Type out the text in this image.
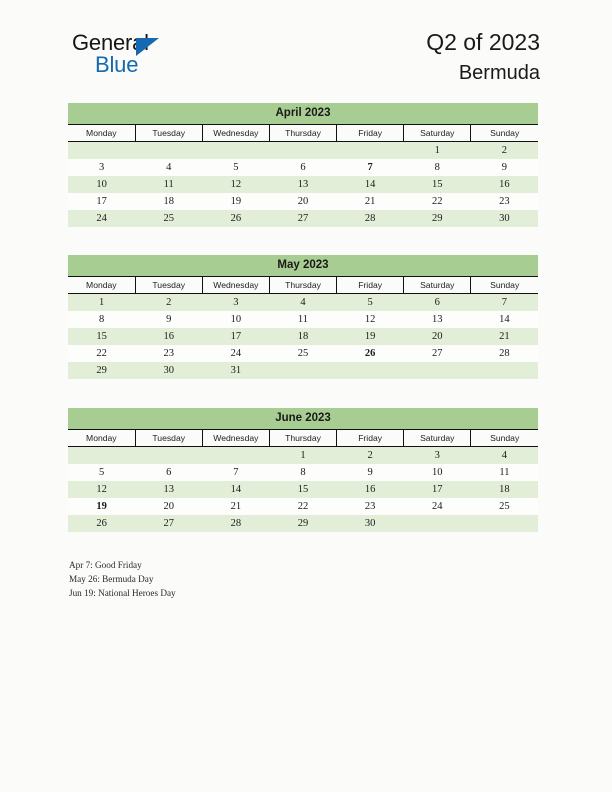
General
Blue
Q2 of 2023
Bermuda
April 2023
Monday	Tuesday	Wednesday	Thursday	Friday	Saturday	Sunday

					1	2
3	4	5	6	7	8	9
10	11	12	13	14	15	16
17	18	19	20	21	22	23
24	25	26	27	28	29	30
May 2023
Monday	Tuesday	Wednesday	Thursday	Friday	Saturday	Sunday

1	2	3	4	5	6	7
8	9	10	11	12	13	14
15	16	17	18	19	20	21
22	23	24	25	26	27	28
29	30	31				
June 2023
Monday	Tuesday	Wednesday	Thursday	Friday	Saturday	Sunday

			1	2	3	4
5	6	7	8	9	10	11
12	13	14	15	16	17	18
19	20	21	22	23	24	25
26	27	28	29	30		
Apr 7: Good Friday
May 26: Bermuda Day
Jun 19: National Heroes Day
